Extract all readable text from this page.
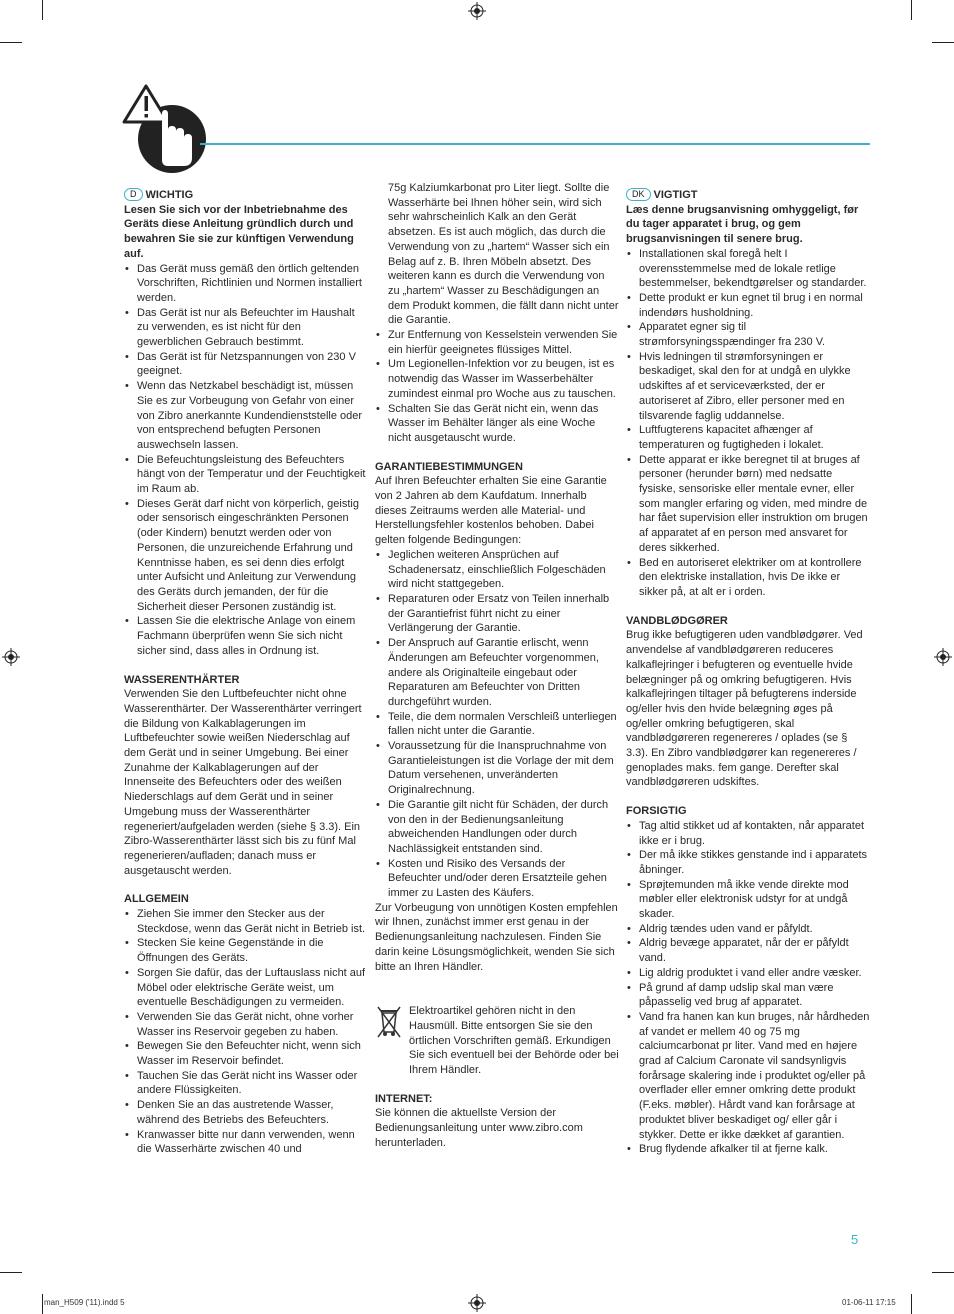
D WICHTIG

Lesen Sie sich vor der Inbetriebnahme des Geräts diese Anleitung gründlich durch und bewahren Sie sie zur künftigen Verwendung auf.

• Das Gerät muss gemäß den örtlich geltenden Vorschriften, Richtlinien und Normen installiert werden.
• Das Gerät ist nur als Befeuchter im Haushalt zu verwenden, es ist nicht für den gewerblichen Gebrauch bestimmt.
• Das Gerät ist für Netzspannungen von 230 V geeignet.
• Wenn das Netzkabel beschädigt ist, müssen Sie es zur Vorbeugung von Gefahr von einer von Zibro anerkannte Kundendienststelle oder von entsprechend befugten Personen auswechseln lassen.
• Die Befeuchtungsleistung des Befeuchters hängt von der Temperatur und der Feuchtigkeit im Raum ab.
• Dieses Gerät darf nicht von körperlich, geistig oder sensorisch eingeschränkten Personen (oder Kindern) benutzt werden oder von Personen, die unzureichende Erfahrung und Kenntnisse haben, es sei denn dies erfolgt unter Aufsicht und Anleitung zur Verwendung des Geräts durch jemanden, der für die Sicherheit dieser Personen zuständig ist.
• Lassen Sie die elektrische Anlage von einem Fachmann überprüfen wenn Sie sich nicht sicher sind, dass alles in Ordnung ist.

WASSERENTHÄRTER

Verwenden Sie den Luftbefeuchter nicht ohne Wasserenthärter. Der Wasserenthärter verringert die Bildung von Kalkablagerungen im Luftbefeuchter sowie weißen Niederschlag auf dem Gerät und in seiner Umgebung. Bei einer Zunahme der Kalkablagerungen auf der Innenseite des Befeuchters oder des weißen Niederschlags auf dem Gerät und in seiner Umgebung muss der Wasserenthärter regeneriert/aufgeladen werden (siehe § 3.3). Ein Zibro-Wasserenthärter lässt sich bis zu fünf Mal regenerieren/aufladen; danach muss er ausgetauscht werden.

ALLGEMEIN

• Ziehen Sie immer den Stecker aus der Steckdose, wenn das Gerät nicht in Betrieb ist.
• Stecken Sie keine Gegenstände in die Öffnungen des Geräts.
• Sorgen Sie dafür, das der Luftauslass nicht auf Möbel oder elektrische Geräte weist, um eventuelle Beschädigungen zu vermeiden.
• Verwenden Sie das Gerät nicht, ohne vorher Wasser ins Reservoir gegeben zu haben.
• Bewegen Sie den Befeuchter nicht, wenn sich Wasser im Reservoir befindet.
• Tauchen Sie das Gerät nicht ins Wasser oder andere Flüssigkeiten.
• Denken Sie an das austretende Wasser, während des Betriebs des Befeuchters.
• Kranwasser bitte nur dann verwenden, wenn die Wasserhärte zwischen 40 und

75g Kalziumkarbonat pro Liter liegt. Sollte die Wasserhärte bei Ihnen höher sein, wird sich sehr wahrscheinlich Kalk an den Gerät absetzen. Es ist auch möglich, das durch die Verwendung von zu „hartem“ Wasser sich ein Belag auf z. B. Ihren Möbeln absetzt. Des weiteren kann es durch die Verwendung von zu „hartem“ Wasser zu Beschädigungen an dem Produkt kommen, die fällt dann nicht unter die Garantie.

• Zur Entfernung von Kesselstein verwenden Sie ein hierfür geeignetes flüssiges Mittel.
• Um Legionellen-Infektion vor zu beugen, ist es notwendig das Wasser im Wasserbehälter zumindest einmal pro Woche aus zu tauschen.
• Schalten Sie das Gerät nicht ein, wenn das Wasser im Behälter länger als eine Woche nicht ausgetauscht wurde.

GARANTIEBESTIMMUNGEN

Auf Ihren Befeuchter erhalten Sie eine Garantie von 2 Jahren ab dem Kaufdatum. Innerhalb dieses Zeitraums werden alle Material- und Herstellungsfehler kostenlos behoben. Dabei gelten folgende Bedingungen:

• Jeglichen weiteren Ansprüchen auf Schadenersatz, einschließlich Folgeschäden wird nicht stattgegeben.
• Reparaturen oder Ersatz von Teilen innerhalb der Garantiefrist führt nicht zu einer Verlängerung der Garantie.
• Der Anspruch auf Garantie erlischt, wenn Änderungen am Befeuchter vorgenommen, andere als Originalteile eingebaut oder Reparaturen am Befeuchter von Dritten durchgeführt wurden.
• Teile, die dem normalen Verschleiß unterliegen fallen nicht unter die Garantie.
• Voraussetzung für die Inanspruchnahme von Garantieleistungen ist die Vorlage der mit dem Datum versehenen, unveränderten Originalrechnung.
• Die Garantie gilt nicht für Schäden, der durch von den in der Bedienungsanleitung abweichenden Handlungen oder durch Nachlässigkeit entstanden sind.
• Kosten und Risiko des Versands der Befeuchter und/oder deren Ersatzteile gehen immer zu Lasten des Käufers.

Zur Vorbeugung von unnötigen Kosten empfehlen wir Ihnen, zunächst immer erst genau in der Bedienungsanleitung nachzulesen. Finden Sie darin keine Lösungsmöglichkeit, wenden Sie sich bitte an Ihren Händler.

Elektroartikel gehören nicht in den Hausmüll. Bitte entsorgen Sie sie den örtlichen Vorschriften gemäß. Erkundigen Sie sich eventuell bei der Behörde oder bei Ihrem Händler.

INTERNET:

Sie können die aktuellste Version der Bedienungsanleitung unter www.zibro.com herunterladen.

DK VIGTIGT

Læs denne brugsanvisning omhyggeligt, før du tager apparatet i brug, og gem brugsanvisningen til senere brug.

• Installationen skal foregå helt I overensstemmelse med de lokale retlige bestemmelser, bekendtgørelser og standarder.
• Dette produkt er kun egnet til brug i en normal indendørs husholdning.
• Apparatet egner sig til strømforsyningsspændinger fra 230 V.
• Hvis ledningen til strømforsyningen er beskadiget, skal den for at undgå en ulykke udskiftes af et serviceværksted, der er autoriseret af Zibro, eller personer med en tilsvarende faglig uddannelse.
• Luftfugterens kapacitet afhænger af temperaturen og fugtigheden i lokalet.
• Dette apparat er ikke beregnet til at bruges af personer (herunder børn) med nedsatte fysiske, sensoriske eller mentale evner, eller som mangler erfaring og viden, med mindre de har fået supervision eller instruktion om brugen af apparatet af en person med ansvaret for deres sikkerhed.
• Bed en autoriseret elektriker om at kontrollere den elektriske installation, hvis De ikke er sikker på, at alt er i orden.

VANDBLØDGØRER

Brug ikke befugtigeren uden vandblødgører. Ved anvendelse af vandblødgøreren reduceres kalkaflejringer i befugteren og eventuelle hvide belægninger på og omkring befugtigeren. Hvis kalkaflejringen tiltager på befugterens inderside og/eller hvis den hvide belægning øges på og/eller omkring befugtigeren, skal vandblødgøreren regenereres / oplades (se § 3.3). En Zibro vandblødgører kan regenereres / genoplades maks. fem gange. Derefter skal vandblødgøreren udskiftes.

FORSIGTIG

• Tag altid stikket ud af kontakten, når apparatet ikke er i brug.
• Der må ikke stikkes genstande ind i apparatets åbninger.
• Sprøjtemunden må ikke vende direkte mod møbler eller elektronisk udstyr for at undgå skader.
• Aldrig tændes uden vand er påfyldt.
• Aldrig bevæge apparatet, når der er påfyldt vand.
• Lig aldrig produktet i vand eller andre væsker.
• På grund af damp udslip skal man være påpasselig ved brug af apparatet.
• Vand fra hanen kan kun bruges, når hårdheden af vandet er mellem 40 og 75 mg calciumcarbonat pr liter. Vand med en højere grad af Calcium Caronate vil sandsynligvis forårsage skalering inde i produktet og/eller på overflader eller emner omkring dette produkt (F.eks. møbler). Hårdt vand kan forårsage at produktet bliver beskadiget og/ eller går i stykker. Dette er ikke dækket af garantien.
• Brug flydende afkalker til at fjerne kalk.
5
man_H509 ('11).indd 5	01-06-11 17:15
